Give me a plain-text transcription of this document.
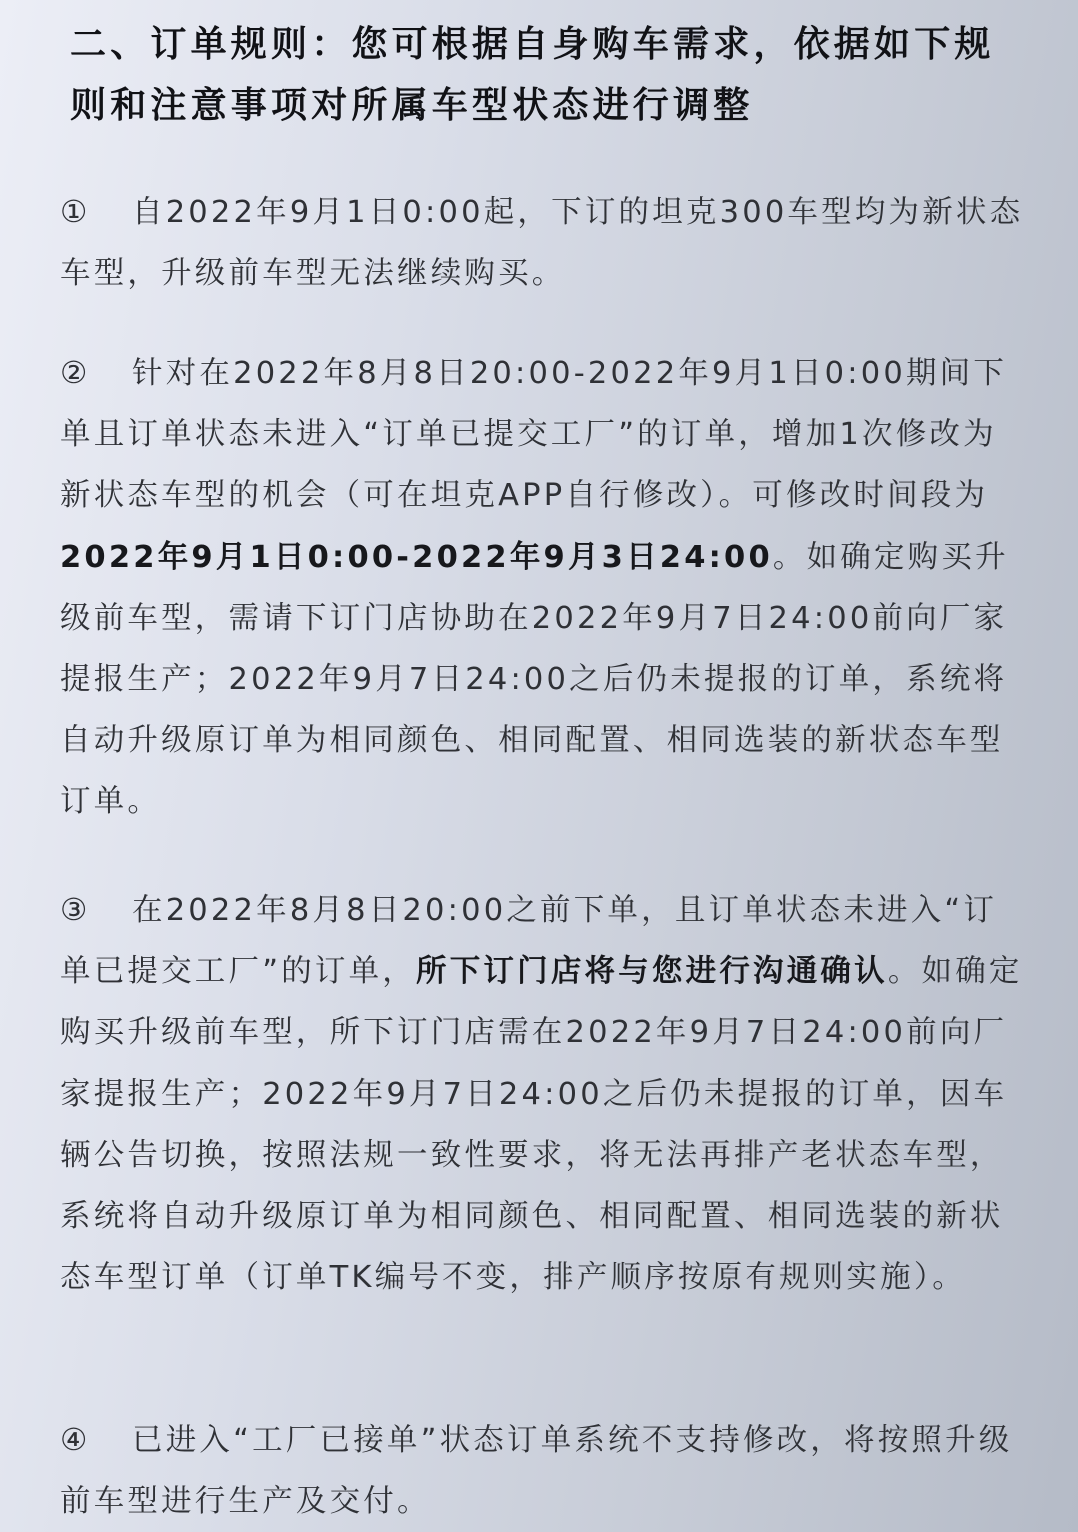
二、订单规则：您可根据自身购车需求，依据如下规则和注意事项对所属车型状态进行调整
① 自2022年9月1日0:00起，下订的坦克300车型均为新状态车型，升级前车型无法继续购买。
② 针对在2022年8月8日20:00-2022年9月1日0:00期间下单且订单状态未进入“订单已提交工厂”的订单，增加1次修改为新状态车型的机会（可在坦克APP自行修改）。可修改时间段为2022年9月1日0:00-2022年9月3日24:00。如确定购买升级前车型，需请下订门店协助在2022年9月7日24:00前向厂家提报生产；2022年9月7日24:00之后仍未提报的订单，系统将自动升级原订单为相同颜色、相同配置、相同选装的新状态车型订单。
③ 在2022年8月8日20:00之前下单，且订单状态未进入“订单已提交工厂”的订单，所下订门店将与您进行沟通确认。如确定购买升级前车型，所下订门店需在2022年9月7日24:00前向厂家提报生产；2022年9月7日24:00之后仍未提报的订单，因车辆公告切换，按照法规一致性要求，将无法再排产老状态车型，系统将自动升级原订单为相同颜色、相同配置、相同选装的新状态车型订单（订单TK编号不变，排产顺序按原有规则实施）。
④ 已进入“工厂已接单”状态订单系统不支持修改，将按照升级前车型进行生产及交付。
